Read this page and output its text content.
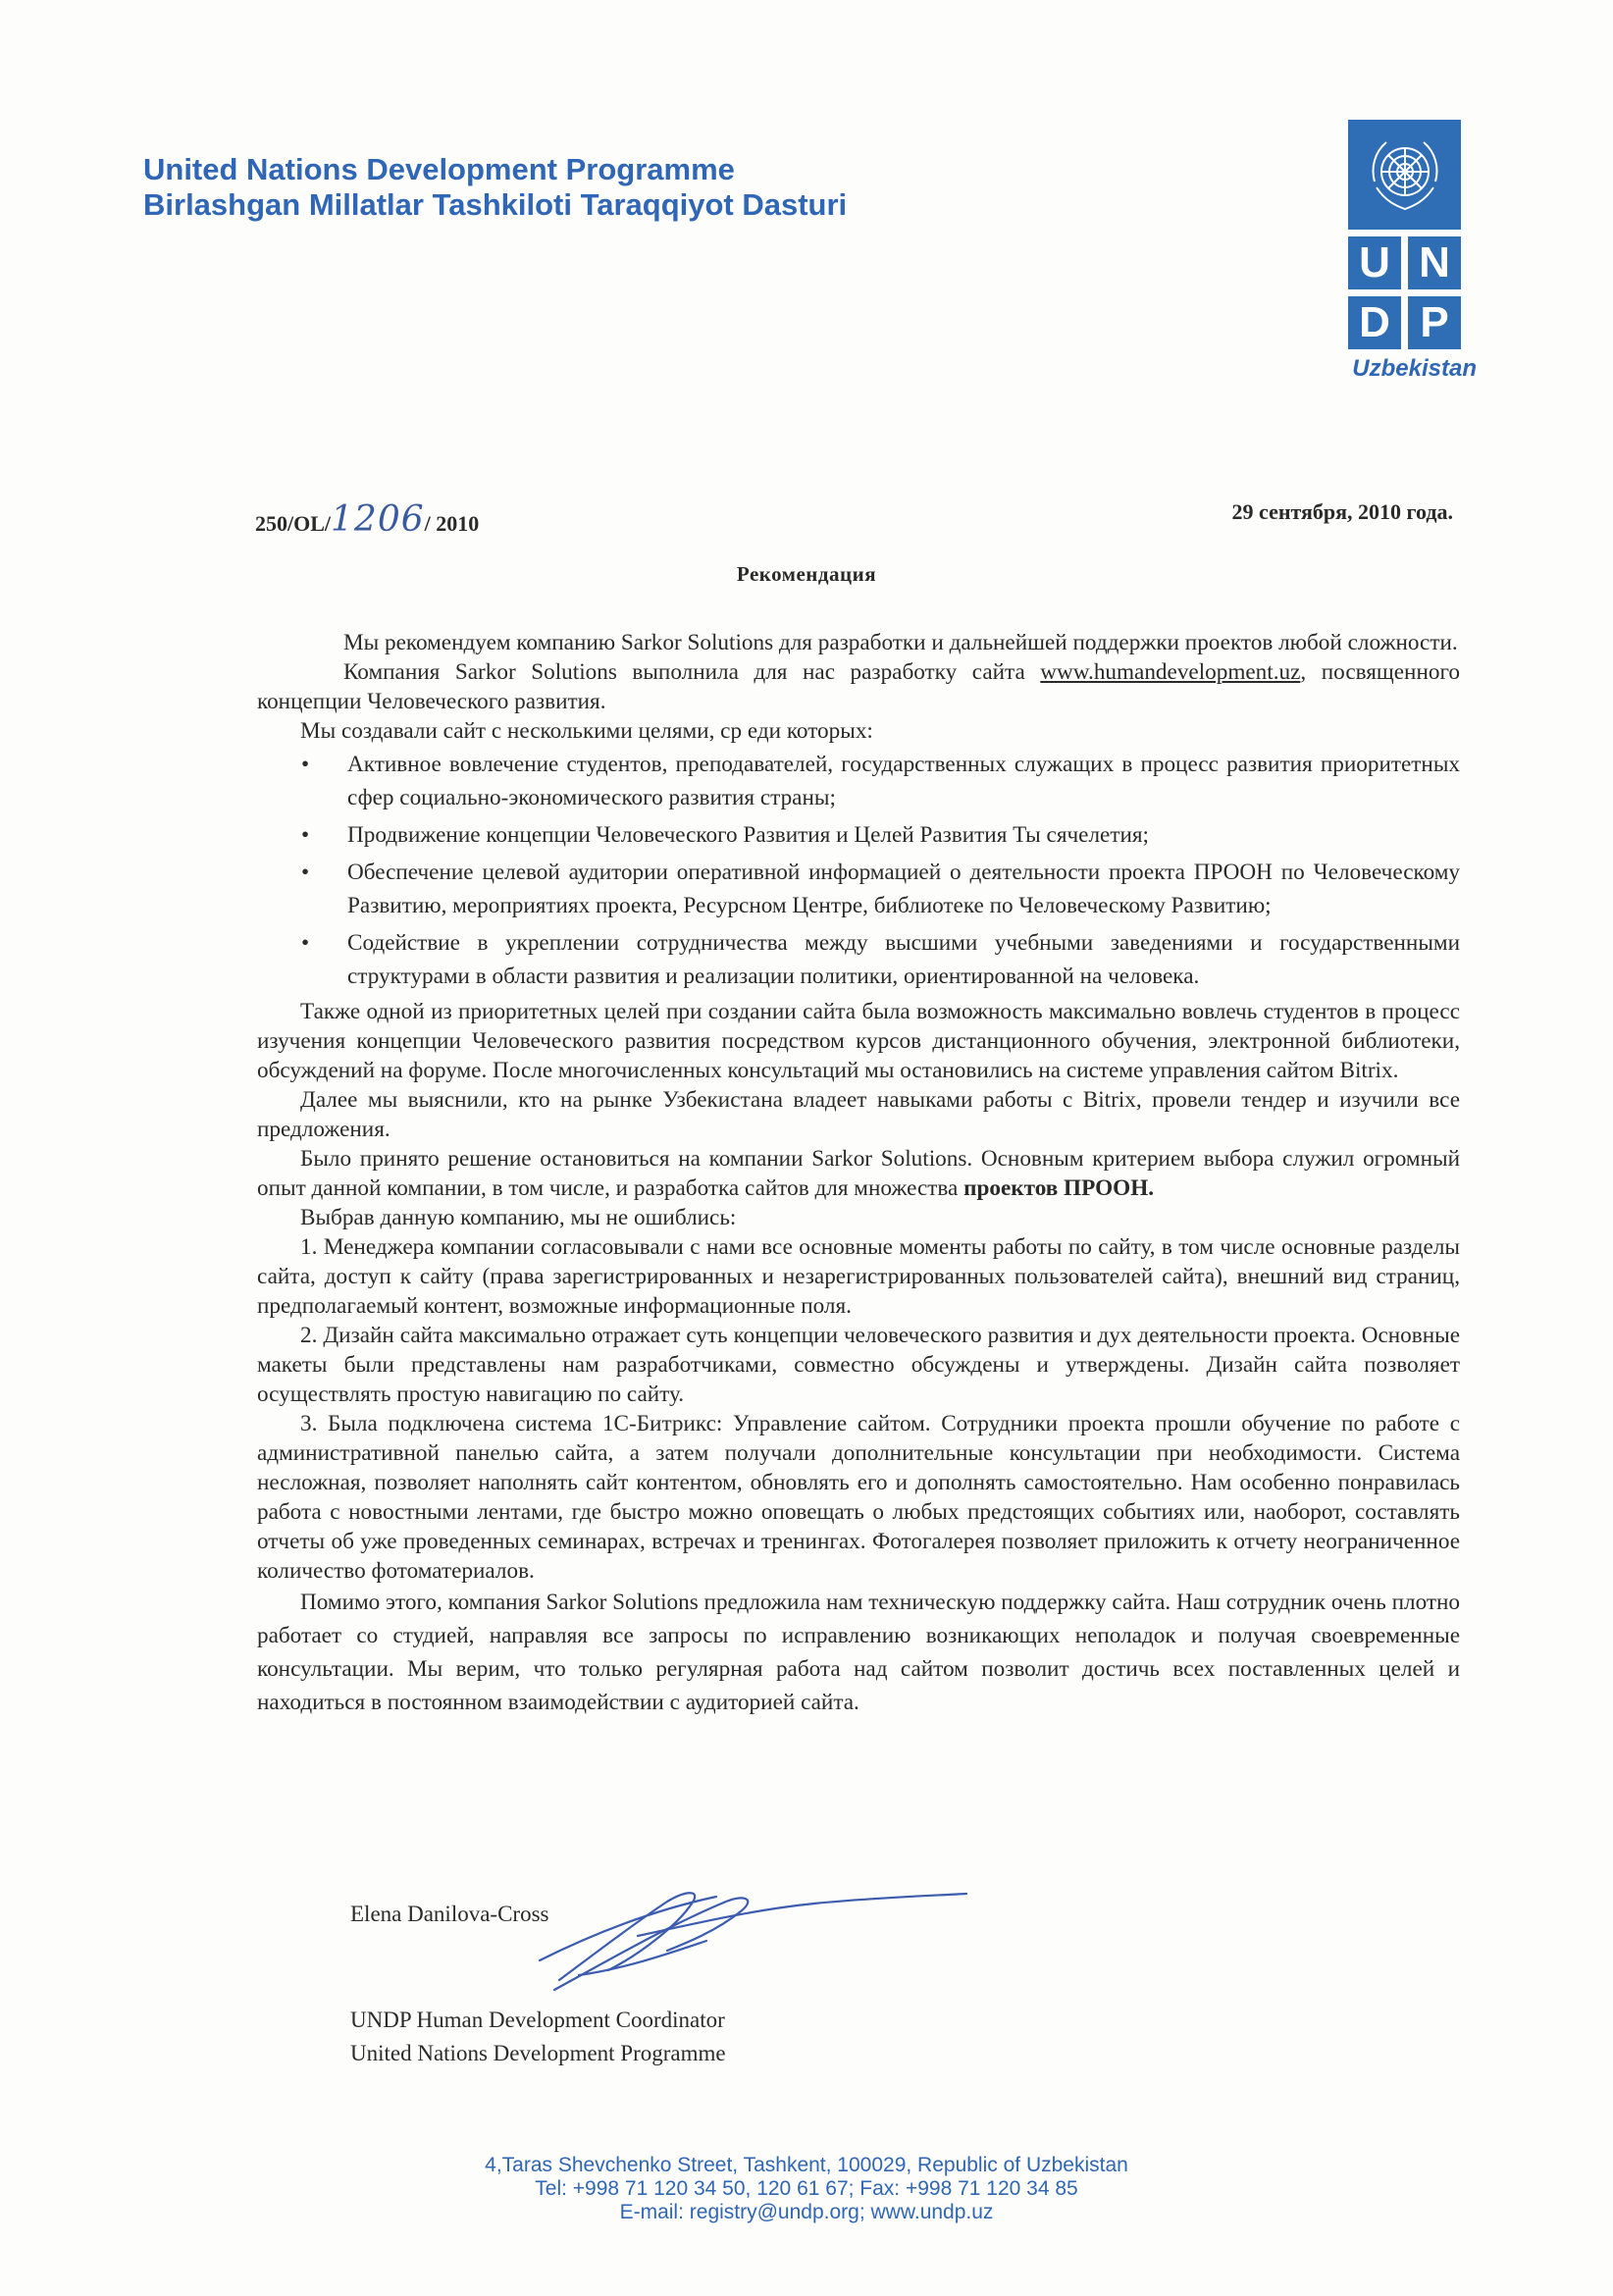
United Nations Development Programme
Birlashgan Millatlar Tashkiloti Taraqqiyot Dasturi
U N
D P
Uzbekistan
250/OL/1206/ 2010	29 сентября, 2010 года.
Рекомендация

Мы рекомендуем компанию Sarkor Solutions для разработки и дальнейшей поддержки проектов любой сложности.

Компания Sarkor Solutions выполнила для нас разработку сайта www.humandevelopment.uz, посвященного концепции Человеческого развития.

Мы создавали сайт с несколькими целями, ср еди которых:

• Активное вовлечение студентов, преподавателей, государственных служащих в процесс развития приоритетных сфер социально-экономического развития страны;
• Продвижение концепции Человеческого Развития и Целей Развития Ты сячелетия;
• Обеспечение целевой аудитории оперативной информацией о деятельности проекта ПРООН по Человеческому Развитию, мероприятиях проекта, Ресурсном Центре, библиотеке по Человеческому Развитию;
• Содействие в укреплении сотрудничества между высшими учебными заведениями и государственными структурами в области развития и реализации политики, ориентированной на человека.

Также одной из приоритетных целей при создании сайта была возможность максимально вовлечь студентов в процесс изучения концепции Человеческого развития посредством курсов дистанционного обучения, электронной библиотеки, обсуждений на форуме. После многочисленных консультаций мы остановились на системе управления сайтом Bitrix.

Далее мы выяснили, кто на рынке Узбекистана владеет навыками работы с Bitrix, провели тендер и изучили все предложения.

Было принято решение остановиться на компании Sarkor Solutions. Основным критерием выбора служил огромный опыт данной компании, в том числе, и разработка сайтов для множества проектов ПРООН.

Выбрав данную компанию, мы не ошиблись:

1. Менеджера компании согласовывали с нами все основные моменты работы по сайту, в том числе основные разделы сайта, доступ к сайту (права зарегистрированных и незарегистрированных пользователей сайта), внешний вид страниц, предполагаемый контент, возможные информационные поля.

2. Дизайн сайта максимально отражает суть концепции человеческого развития и дух деятельности проекта. Основные макеты были представлены нам разработчиками, совместно обсуждены и утверждены. Дизайн сайта позволяет осуществлять простую навигацию по сайту.

3. Была подключена система 1С-Битрикс: Управление сайтом. Сотрудники проекта прошли обучение по работе с административной панелью сайта, а затем получали дополнительные консультации при необходимости. Система несложная, позволяет наполнять сайт контентом, обновлять его и дополнять самостоятельно. Нам особенно понравилась работа с новостными лентами, где быстро можно оповещать о любых предстоящих событиях или, наоборот, составлять отчеты об уже проведенных семинарах, встречах и тренингах. Фотогалерея позволяет приложить к отчету неограниченное количество фотоматериалов.

Помимо этого, компания Sarkor Solutions предложила нам техническую поддержку сайта. Наш сотрудник очень плотно работает со студией, направляя все запросы по исправлению возникающих неполадок и получая своевременные консультации. Мы верим, что только регулярная работа над сайтом позволит достичь всех поставленных целей и находиться в постоянном взаимодействии с аудиторией сайта.

Elena Danilova-Cross
UNDP Human Development Coordinator
United Nations Development Programme
4,Taras Shevchenko Street, Tashkent, 100029, Republic of Uzbekistan
Tel: +998 71 120 34 50, 120 61 67; Fax: +998 71 120 34 85
E-mail: registry@undp.org; www.undp.uz
